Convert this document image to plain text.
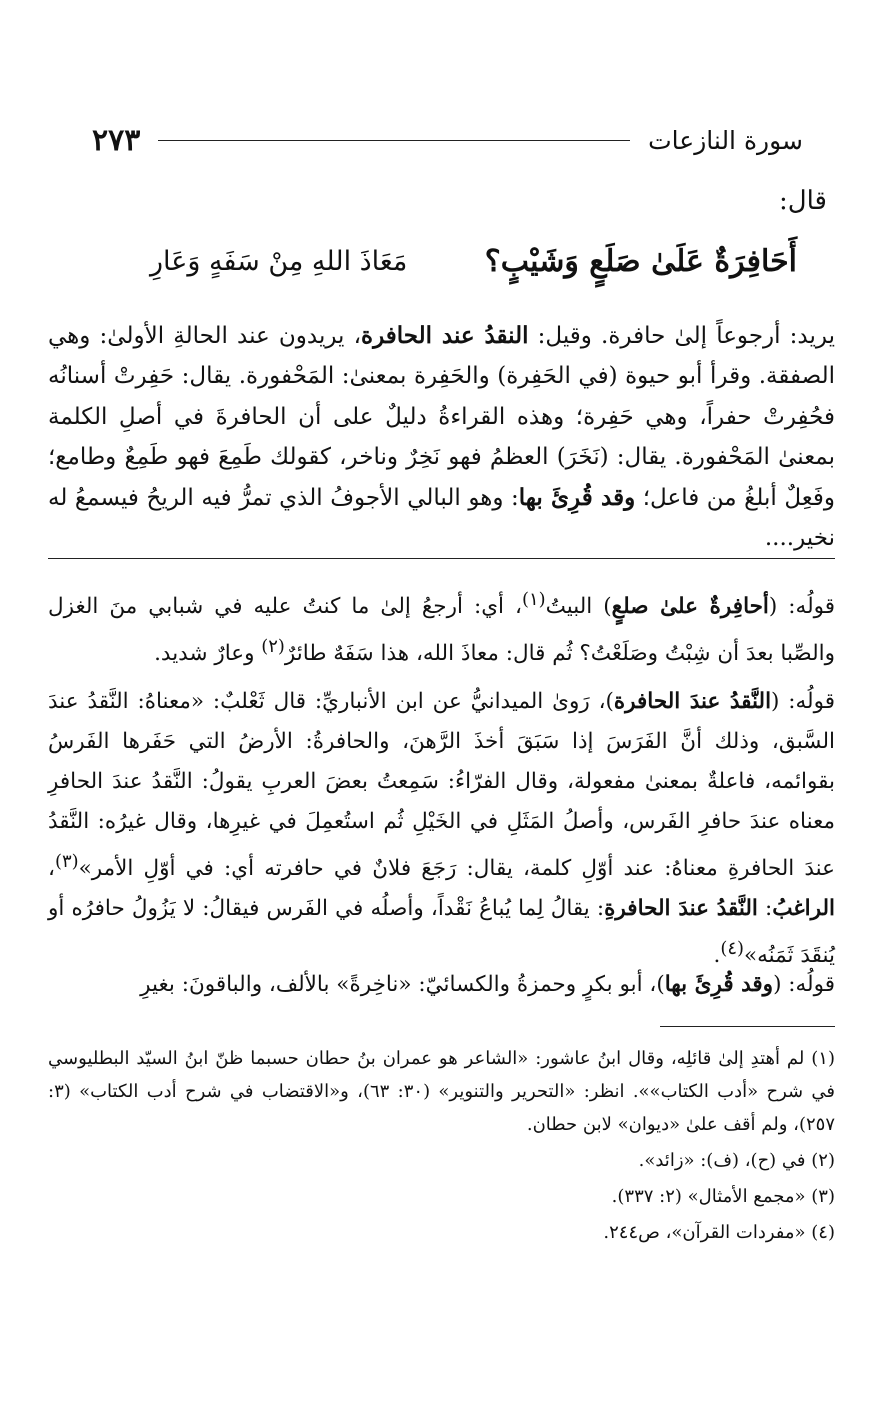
سورة النازعات
٢٧٣
قال:
أَحَافِرَةٌ عَلَىٰ صَلَعٍ وَشَيْبٍ؟
مَعَاذَ اللهِ مِنْ سَفَهٍ وَعَارِ
يريد: أرجوعاً إلىٰ حافرة. وقيل: النقدُ عند الحافرة، يريدون عند الحالةِ الأولىٰ: وهي الصفقة. وقرأ أبو حيوة (في الحَفِرة) والحَفِرة بمعنىٰ: المَحْفورة. يقال: حَفِرتْ أسنانُه فحُفِرتْ حفراً، وهي حَفِرة؛ وهذه القراءةُ دليلٌ على أن الحافرةَ في أصلِ الكلمة بمعنىٰ المَحْفورة. يقال: (نَخَرَ) العظمُ فهو نَخِرٌ وناخر، كقولك طَمِعَ فهو طَمِعٌ وطامع؛ وفَعِلٌ أبلغُ من فاعل؛ وقد قُرِئَ بها: وهو البالي الأجوفُ الذي تمرُّ فيه الريحُ فيسمعُ له نخير....
قولُه: (أحافِرةٌ علىٰ صلعٍ) البيتُ$^{(١)}$، أي: أرجعُ إلىٰ ما كنتُ عليه في شبابي منَ الغزل والصِّبا بعدَ أن شِبْتُ وصَلَعْتُ؟ ثُم قال: معاذَ الله، هذا سَفَهٌ طائرٌ$^{(٢)}$ وعارٌ شديد.
قولُه: (النَّقدُ عندَ الحافرة)، رَوىٰ الميدانيُّ عن ابن الأنباريِّ: قال ثَعْلبٌ: «معناهُ: النَّقدُ عندَ السَّبق، وذلك أنَّ الفَرَسَ إذا سَبَقَ أخذَ الرَّهنَ، والحافرةُ: الأرضُ التي حَفَرها الفَرسُ بقوائمه، فاعلةٌ بمعنىٰ مفعولة، وقال الفرّاءُ: سَمِعتُ بعضَ العربِ يقولُ: النَّقدُ عندَ الحافرِ معناه عندَ حافرِ الفَرس، وأصلُ المَثَلِ في الخَيْلِ ثُم استُعمِلَ في غيرِها، وقال غيرُه: النَّقدُ عندَ الحافرةِ معناهُ: عند أوّلِ كلمة، يقال: رَجَعَ فلانٌ في حافرته أي: في أوّلِ الأمر»$^{(٣)}$، الراغبُ: النَّقدُ عندَ الحافرةِ: يقالُ لِما يُباعُ نَقْداً، وأصلُه في الفَرس فيقالُ: لا يَزُولُ حافرُه أو يُنقَدَ ثَمَنُه»$^{(٤)}$.
قولُه: (وقد قُرِئَ بها)، أبو بكرٍ وحمزةُ والكسائيّ: «ناخِرةً» بالألف، والباقونَ: بغيرِ

(١) لم أهتدِ إلىٰ قائلِه، وقال ابنُ عاشور: «الشاعر هو عمران بنُ حطان حسبما ظنّ ابنُ السيّد البطليوسي في شرح «أدب الكتاب»». انظر: «التحرير والتنوير» (٣٠: ٦٣)، و«الاقتضاب في شرح أدب الكتاب» (٣: ٢٥٧)، ولم أقف علىٰ «ديوان» لابن حطان.

(٢) في (ح)، (ف): «زائد».

(٣) «مجمع الأمثال» (٢: ٣٣٧).

(٤) «مفردات القرآن»، ص٢٤٤.
